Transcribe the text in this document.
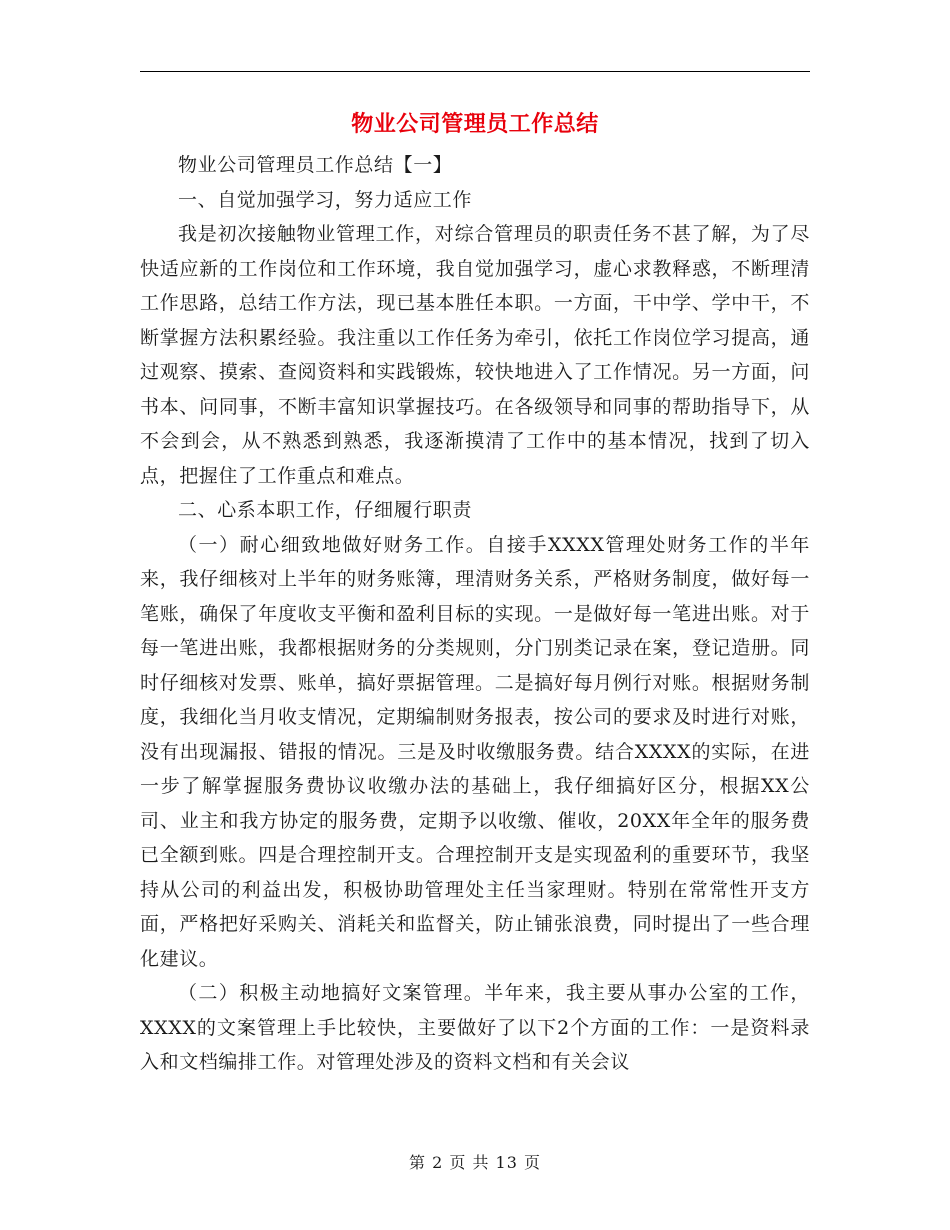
物业公司管理员工作总结

物业公司管理员工作总结【一】

一、自觉加强学习，努力适应工作

我是初次接触物业管理工作，对综合管理员的职责任务不甚了解，为了尽快适应新的工作岗位和工作环境，我自觉加强学习，虚心求教释惑，不断理清工作思路，总结工作方法，现已基本胜任本职。一方面，干中学、学中干，不断掌握方法积累经验。我注重以工作任务为牵引，依托工作岗位学习提高，通过观察、摸索、查阅资料和实践锻炼，较快地进入了工作情况。另一方面，问书本、问同事，不断丰富知识掌握技巧。在各级领导和同事的帮助指导下，从不会到会，从不熟悉到熟悉，我逐渐摸清了工作中的基本情况，找到了切入点，把握住了工作重点和难点。

二、心系本职工作，仔细履行职责

（一）耐心细致地做好财务工作。自接手XXXX管理处财务工作的半年来，我仔细核对上半年的财务账簿，理清财务关系，严格财务制度，做好每一笔账，确保了年度收支平衡和盈利目标的实现。一是做好每一笔进出账。对于每一笔进出账，我都根据财务的分类规则，分门别类记录在案，登记造册。同时仔细核对发票、账单，搞好票据管理。二是搞好每月例行对账。根据财务制度，我细化当月收支情况，定期编制财务报表，按公司的要求及时进行对账，没有出现漏报、错报的情况。三是及时收缴服务费。结合XXXX的实际，在进一步了解掌握服务费协议收缴办法的基础上，我仔细搞好区分，根据XX公司、业主和我方协定的服务费，定期予以收缴、催收，20XX年全年的服务费已全额到账。四是合理控制开支。合理控制开支是实现盈利的重要环节，我坚持从公司的利益出发，积极协助管理处主任当家理财。特别在常常性开支方面，严格把好采购关、消耗关和监督关，防止铺张浪费，同时提出了一些合理化建议。

（二）积极主动地搞好文案管理。半年来，我主要从事办公室的工作，XXXX的文案管理上手比较快，主要做好了以下2个方面的工作：一是资料录入和文档编排工作。对管理处涉及的资料文档和有关会议

第 2 页 共 13 页
